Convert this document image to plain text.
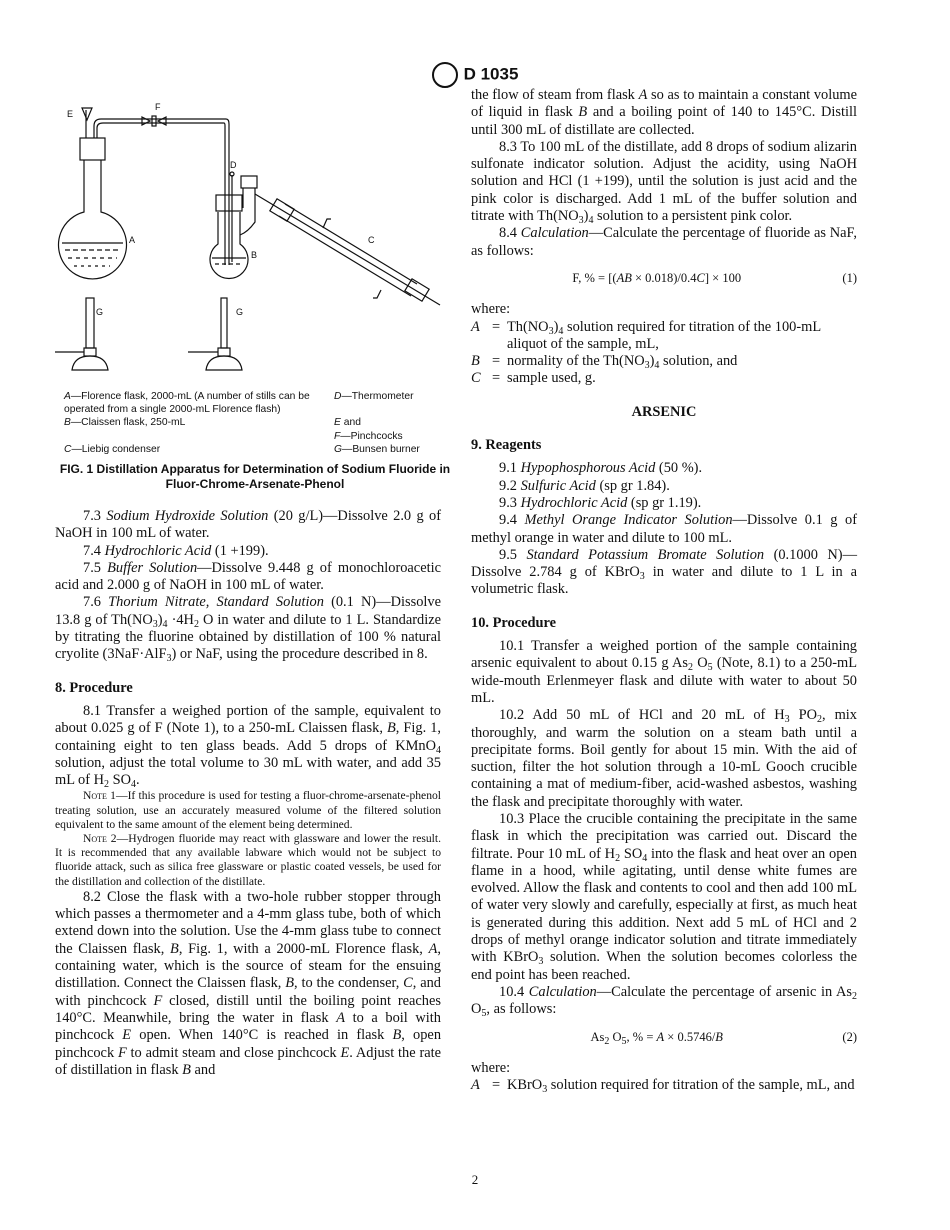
D 1035
E
F
D
A
B
C
G	G
A—Florence flask, 2000-mL (A number of stills can be operated from a single 2000-mL Florence flash)
D—Thermometer
B—Claissen flask, 250-mL	E and
F—Pinchcocks
C—Liebig condenser	G—Bunsen burner
FIG. 1 Distillation Apparatus for Determination of Sodium Fluoride in Fluor-Chrome-Arsenate-Phenol

7.3 Sodium Hydroxide Solution (20 g/L)—Dissolve 2.0 g of NaOH in 100 mL of water.

7.4 Hydrochloric Acid (1 +199).

7.5 Buffer Solution—Dissolve 9.448 g of monochloroacetic acid and 2.000 g of NaOH in 100 mL of water.

7.6 Thorium Nitrate, Standard Solution (0.1 N)—Dissolve 13.8 g of $Th(NO_3)_4 \cdot 4H_2$ O in water and dilute to 1 L. Standardize by titrating the fluorine obtained by distillation of 100 % natural cryolite (3NaF·AlF$_3$) or NaF, using the procedure described in 8.

8. Procedure

8.1 Transfer a weighed portion of the sample, equivalent to about 0.025 g of F (Note 1), to a 250-mL Claissen flask, B, Fig. 1, containing eight to ten glass beads. Add 5 drops of KMnO$_4$ solution, adjust the total volume to 30 mL with water, and add 35 mL of $H_2$ $SO_4$.

Note 1—If this procedure is used for testing a fluor-chrome-arsenate-phenol treating solution, use an accurately measured volume of the filtered solution equivalent to the same amount of the element being determined.

Note 2—Hydrogen fluoride may react with glassware and lower the result. It is recommended that any available labware which would not be subject to fluoride attack, such as silica free glassware or plastic coated vessels, be used for the distillation and collection of the distillate.

8.2 Close the flask with a two-hole rubber stopper through which passes a thermometer and a 4-mm glass tube, both of which extend down into the solution. Use the 4-mm glass tube to connect the Claissen flask, B, Fig. 1, with a 2000-mL Florence flask, A, containing water, which is the source of steam for the ensuing distillation. Connect the Claissen flask, B, to the condenser, C, and with pinchcock F closed, distill until the boiling point reaches 140°C. Meanwhile, bring the water in flask A to a boil with pinchcock E open. When 140°C is reached in flask B, open pinchcock F to admit steam and close pinchcock E. Adjust the rate of distillation in flask B and

the flow of steam from flask A so as to maintain a constant volume of liquid in flask B and a boiling point of 140 to 145°C. Distill until 300 mL of distillate are collected.

8.3 To 100 mL of the distillate, add 8 drops of sodium alizarin sulfonate indicator solution. Adjust the acidity, using NaOH solution and HCl (1 +199), until the solution is just acid and the pink color is discharged. Add 1 mL of the buffer solution and titrate with $Th(NO_3)_4$ solution to a persistent pink color.

8.4 Calculation—Calculate the percentage of fluoride as NaF, as follows:

F, % = [(AB × 0.018)/0.4C] × 100	(1)

where:

$A = Th(NO_3)_4$ solution required for titration of the 100-mL aliquot of the sample, mL,
B = normality of the $Th(NO_3)_4$ solution, and
C = sample used, g.

ARSENIC

9. Reagents

9.1 Hypophosphorous Acid (50 %).

9.2 Sulfuric Acid (sp gr 1.84).

9.3 Hydrochloric Acid (sp gr 1.19).

9.4 Methyl Orange Indicator Solution—Dissolve 0.1 g of methyl orange in water and dilute to 100 mL.

9.5 Standard Potassium Bromate Solution (0.1000 N)—Dissolve 2.784 g of KBrO$_3$ in water and dilute to 1 L in a volumetric flask.

10. Procedure

10.1 Transfer a weighed portion of the sample containing arsenic equivalent to about 0.15 g $As_2$ $O_5$ (Note, 8.1) to a 250-mL wide-mouth Erlenmeyer flask and dilute with water to about 50 mL.

10.2 Add 50 mL of HCl and 20 mL of $H_3$ $PO_2$, mix thoroughly, and warm the solution on a steam bath until a precipitate forms. Boil gently for about 15 min. With the aid of suction, filter the hot solution through a 10-mL Gooch crucible containing a mat of medium-fiber, acid-washed asbestos, washing the flask and precipitate thoroughly with water.

10.3 Place the crucible containing the precipitate in the same flask in which the precipitation was carried out. Discard the filtrate. Pour 10 mL of $H_2$ $SO_4$ into the flask and heat over an open flame in a hood, while agitating, until dense white fumes are evolved. Allow the flask and contents to cool and then add 100 mL of water very slowly and carefully, especially at first, as much heat is generated during this addition. Next add 5 mL of HCl and 2 drops of methyl orange indicator solution and titrate immediately with KBrO$_3$ solution. When the solution becomes colorless the end point has been reached.

10.4 Calculation—Calculate the percentage of arsenic in $As_2$ $O_5$, as follows:

$As_2$ $O_5$, % = A × 0.5746/B	(2)

where:

A = KBrO$_3$ solution required for titration of the sample, mL, and
2
